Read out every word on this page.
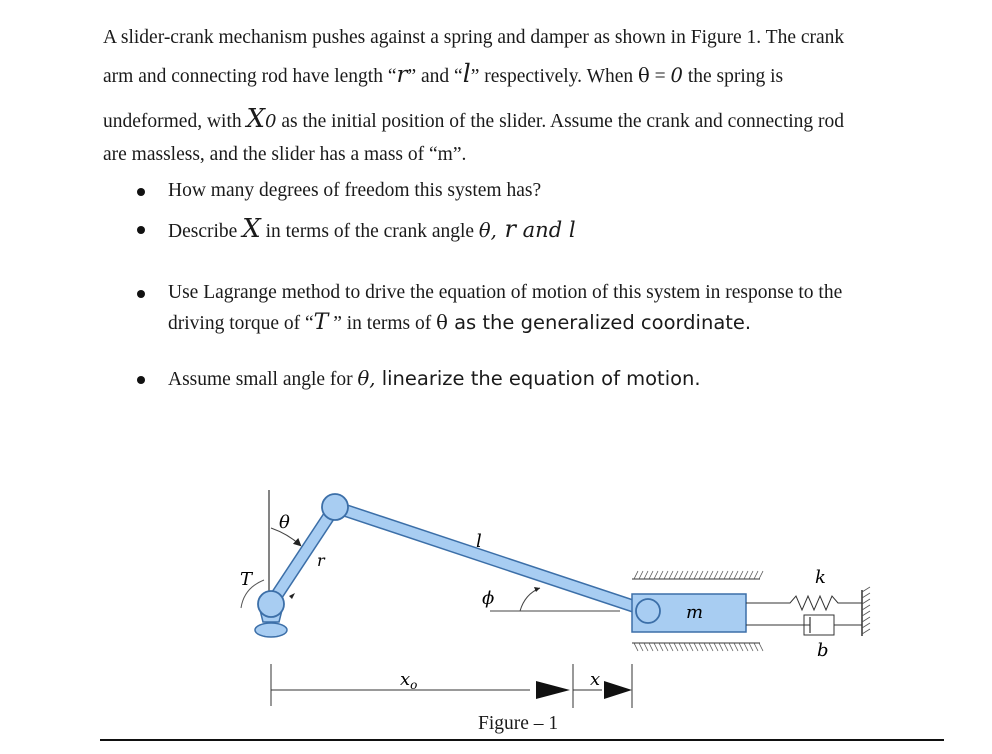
A slider-crank mechanism pushes against a spring and damper as shown in Figure 1. The crank
arm and connecting rod have length “r” and “l” respectively. When θ = 0 the spring is
undeformed, with X0 as the initial position of the slider. Assume the crank and connecting rod
are massless, and the slider has a mass of “m”.
How many degrees of freedom this system has?
Describe X in terms of the crank angle θ, r and l
Use Lagrange method to drive the equation of motion of this system in response to the
driving torque of “T ” in terms of θ as the generalized coordinate.
Assume small angle for θ, linearize the equation of motion.
θ
T
r
l
ϕ
m
k
b
$x_o$	x
Figure – 1
